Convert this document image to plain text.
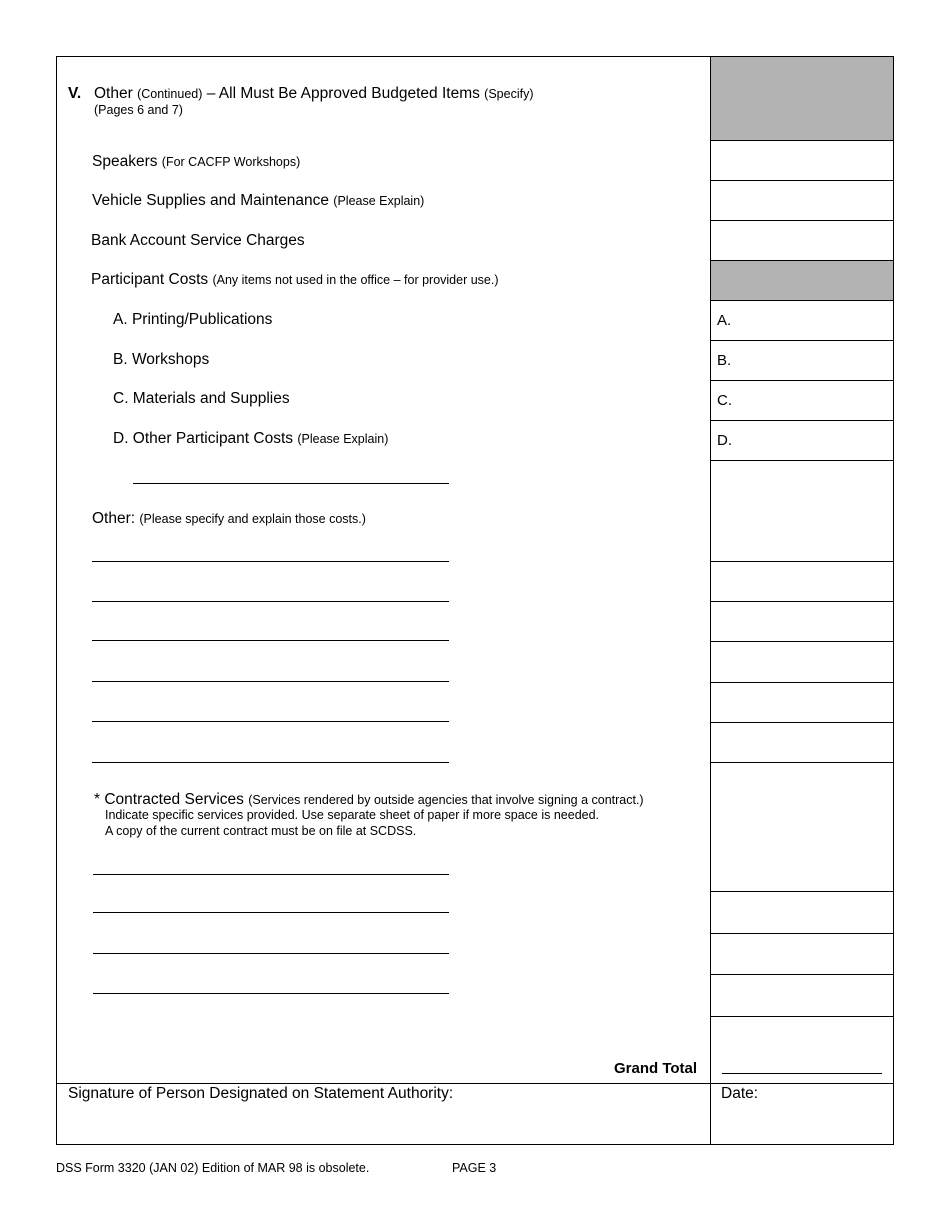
A.
B.
C.
D.
V. Other (Continued) – All Must Be Approved Budgeted Items (Specify)
(Pages 6 and 7)
Speakers (For CACFP Workshops)
Vehicle Supplies and Maintenance (Please Explain)
Bank Account Service Charges
Participant Costs (Any items not used in the office – for provider use.)
A. Printing/Publications
B. Workshops
C. Materials and Supplies
D. Other Participant Costs (Please Explain)
Other: (Please specify and explain those costs.)
* Contracted Services (Services rendered by outside agencies that involve signing a contract.)
Indicate specific services provided. Use separate sheet of paper if more space is needed.
A copy of the current contract must be on file at SCDSS.
Grand Total
Signature of Person Designated on Statement Authority:	Date:
DSS Form 3320 (JAN 02) Edition of MAR 98 is obsolete.	PAGE 3
